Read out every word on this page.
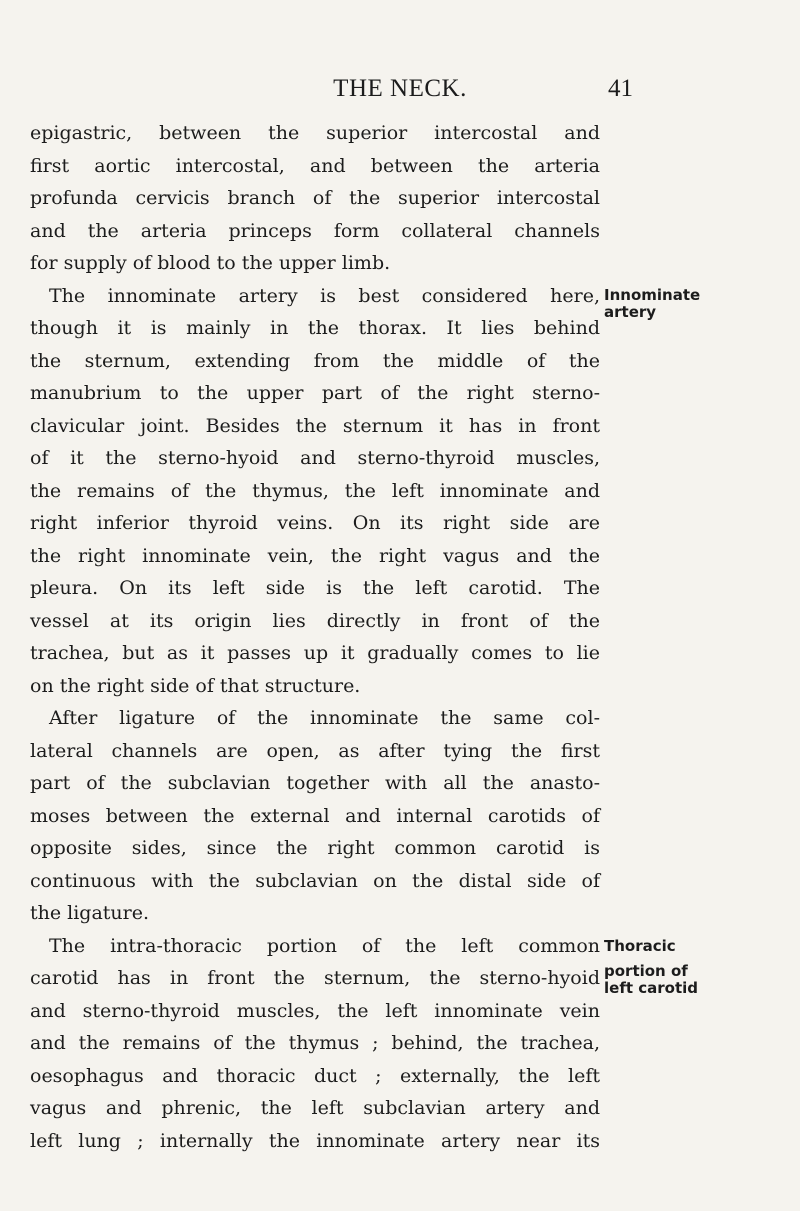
THE NECK.	41
epigastric, between the superior intercostal and
first aortic intercostal, and between the arteria
profunda cervicis branch of the superior intercostal
and the arteria princeps form collateral channels
for supply of blood to the upper limb.
The innominate artery is best considered here,
though it is mainly in the thorax. It lies behind
the sternum, extending from the middle of the
manubrium to the upper part of the right sterno-
clavicular joint. Besides the sternum it has in front
of it the sterno-hyoid and sterno-thyroid muscles,
the remains of the thymus, the left innominate and
right inferior thyroid veins. On its right side are
the right innominate vein, the right vagus and the
pleura. On its left side is the left carotid. The
vessel at its origin lies directly in front of the
trachea, but as it passes up it gradually comes to lie
on the right side of that structure.
After ligature of the innominate the same col-
lateral channels are open, as after tying the first
part of the subclavian together with all the anasto-
moses between the external and internal carotids of
opposite sides, since the right common carotid is
continuous with the subclavian on the distal side of
the ligature.
The intra-thoracic portion of the left common
carotid has in front the sternum, the sterno-hyoid
and sterno-thyroid muscles, the left innominate vein
and the remains of the thymus ; behind, the trachea,
oesophagus and thoracic duct ; externally, the left
vagus and phrenic, the left subclavian artery and
left lung ; internally the innominate artery near its
Innominate
artery
Thoracic
portion of
left carotid
